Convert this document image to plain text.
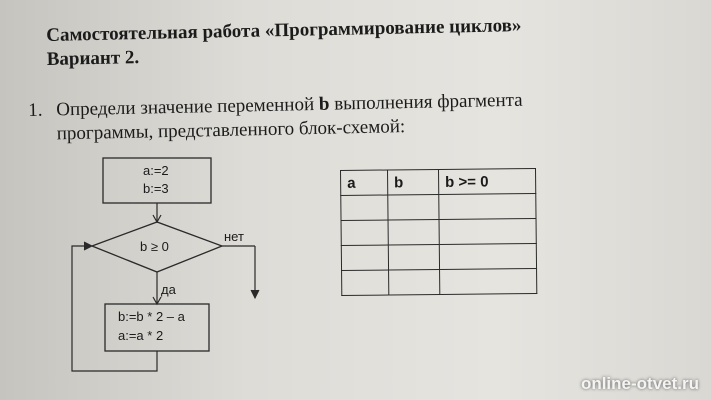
Самостоятельная работа «Программирование циклов»
Вариант 2.
1. Определи значение переменной b выполнения фрагмента
программы, представленного блок-схемой:
a:=2
b:=3
b ≥ 0
нет
да
b:=b * 2 – a
a:=a * 2
a	b	b >= 0

online-otvet.ru
